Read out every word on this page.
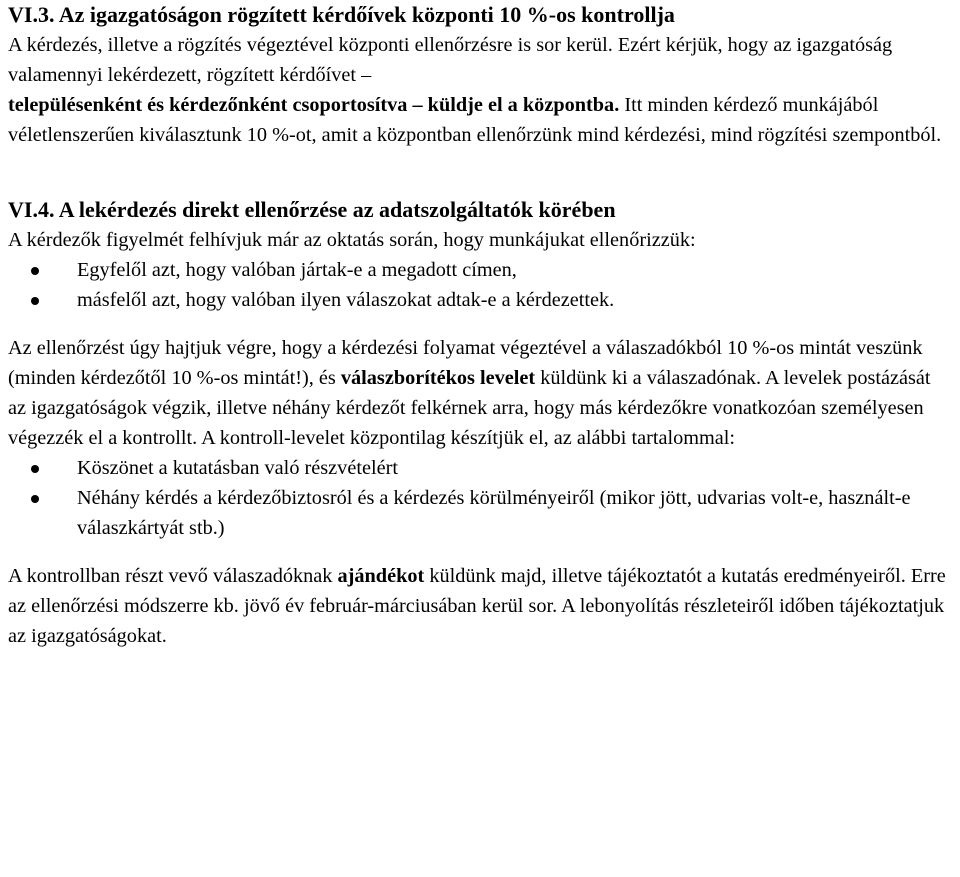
VI.3. Az igazgatóságon rögzített kérdőívek központi 10 %-os kontrollja

A kérdezés, illetve a rögzítés végeztével központi ellenőrzésre is sor kerül. Ezért kérjük, hogy az igazgatóság valamennyi lekérdezett, rögzített kérdőívet –
településenként és kérdezőnként csoportosítva – küldje el a központba. Itt minden kérdező munkájából véletlenszerűen kiválasztunk 10 %-ot, amit a központban ellenőrzünk mind kérdezési, mind rögzítési szempontból.

VI.4. A lekérdezés direkt ellenőrzése az adatszolgáltatók körében

A kérdezők figyelmét felhívjuk már az oktatás során, hogy munkájukat ellenőrizzük:

Egyfelől azt, hogy valóban jártak-e a megadott címen,
másfelől azt, hogy valóban ilyen válaszokat adtak-e a kérdezettek.

Az ellenőrzést úgy hajtjuk végre, hogy a kérdezési folyamat végeztével a válaszadókból 10 %-os mintát veszünk (minden kérdezőtől 10 %-os mintát!), és válaszborítékos levelet küldünk ki a válaszadónak. A levelek postázását az igazgatóságok végzik, illetve néhány kérdezőt felkérnek arra, hogy más kérdezőkre vonatkozóan személyesen végezzék el a kontrollt. A kontroll-levelet központilag készítjük el, az alábbi tartalommal:

Köszönet a kutatásban való részvételért
Néhány kérdés a kérdezőbiztosról és a kérdezés körülményeiről (mikor jött, udvarias volt-e, használt-e válaszkártyát stb.)

A kontrollban részt vevő válaszadóknak ajándékot küldünk majd, illetve tájékoztatót a kutatás eredményeiről. Erre az ellenőrzési módszerre kb. jövő év február-márciusában kerül sor. A lebonyolítás részleteiről időben tájékoztatjuk az igazgatóságokat.
